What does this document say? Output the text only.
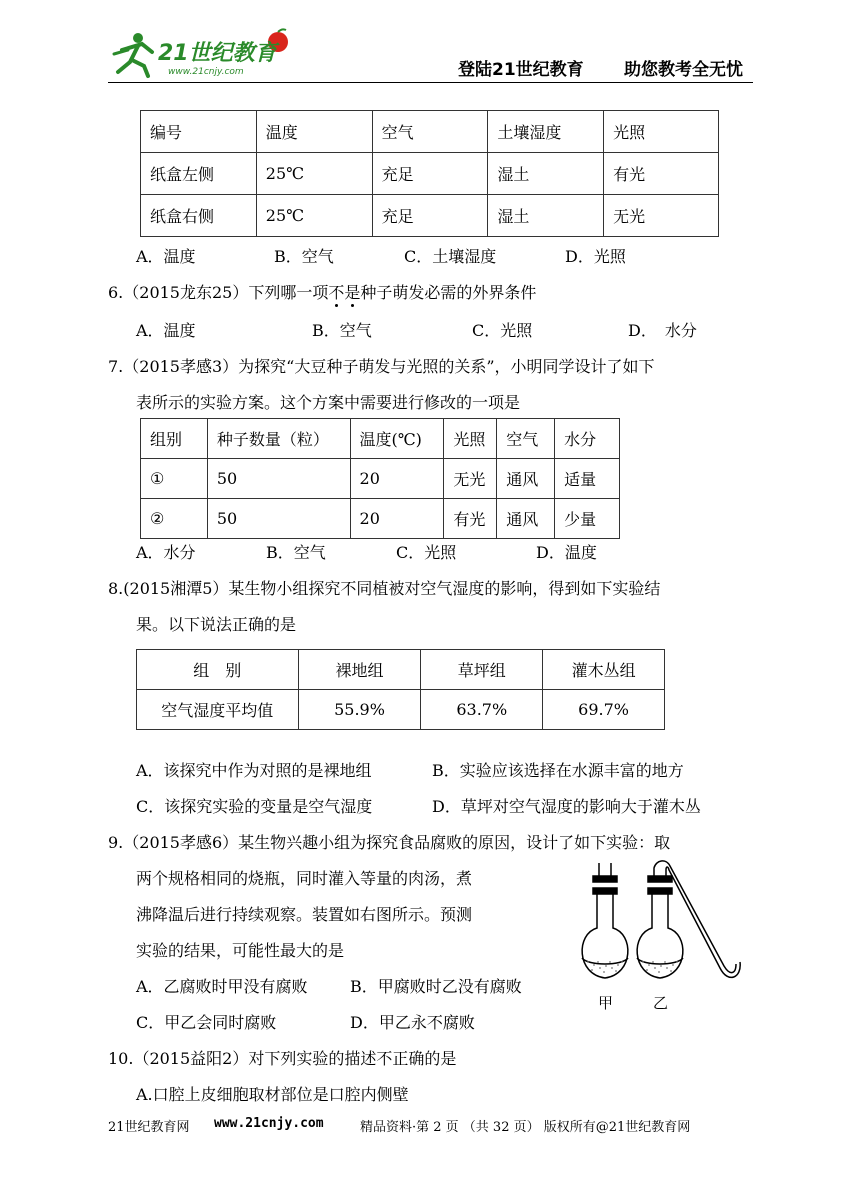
21世纪教育
www.21cnjy.com	登陆21世纪教育 助您教考全无忧
编号	温度	空气	土壤湿度	光照
纸盒左侧	25℃	充足	湿土	有光
纸盒右侧	25℃	充足	湿土	无光
A．温度	B．空气	C．土壤湿度	D．光照
6.（2015龙东25）下列哪一项不是种子萌发必需的外界条件
A．温度	B．空气	C．光照	D．　水分
7.（2015孝感3）为探究“大豆种子萌发与光照的关系”，小明同学设计了如下
表所示的实验方案。这个方案中需要进行修改的一项是
组别	种子数量（粒）	温度(℃)	光照	空气	水分
①	50	20	无光	通风	适量
②	50	20	有光	通风	少量
A．水分	B．空气	C．光照	D．温度
8.(2015湘潭5）某生物小组探究不同植被对空气湿度的影响，得到如下实验结
果。以下说法正确的是
组　别	裸地组	草坪组	灌木丛组
空气湿度平均值	55.9%	63.7%	69.7%
A．该探究中作为对照的是裸地组	B．实验应该选择在水源丰富的地方
C．该探究实验的变量是空气湿度	D．草坪对空气湿度的影响大于灌木丛
9.（2015孝感6）某生物兴趣小组为探究食品腐败的原因，设计了如下实验：取
两个规格相同的烧瓶，同时灌入等量的肉汤，煮
沸降温后进行持续观察。装置如右图所示。预测
实验的结果，可能性最大的是
A．乙腐败时甲没有腐败	B．甲腐败时乙没有腐败
C．甲乙会同时腐败	D．甲乙永不腐败
甲	乙
10.（2015益阳2）对下列实验的描述不正确的是
A.口腔上皮细胞取材部位是口腔内侧壁
21世纪教育网 www.21cnjy.com	精品资料·第 2 页 （共 32 页） 版权所有@21世纪教育网
